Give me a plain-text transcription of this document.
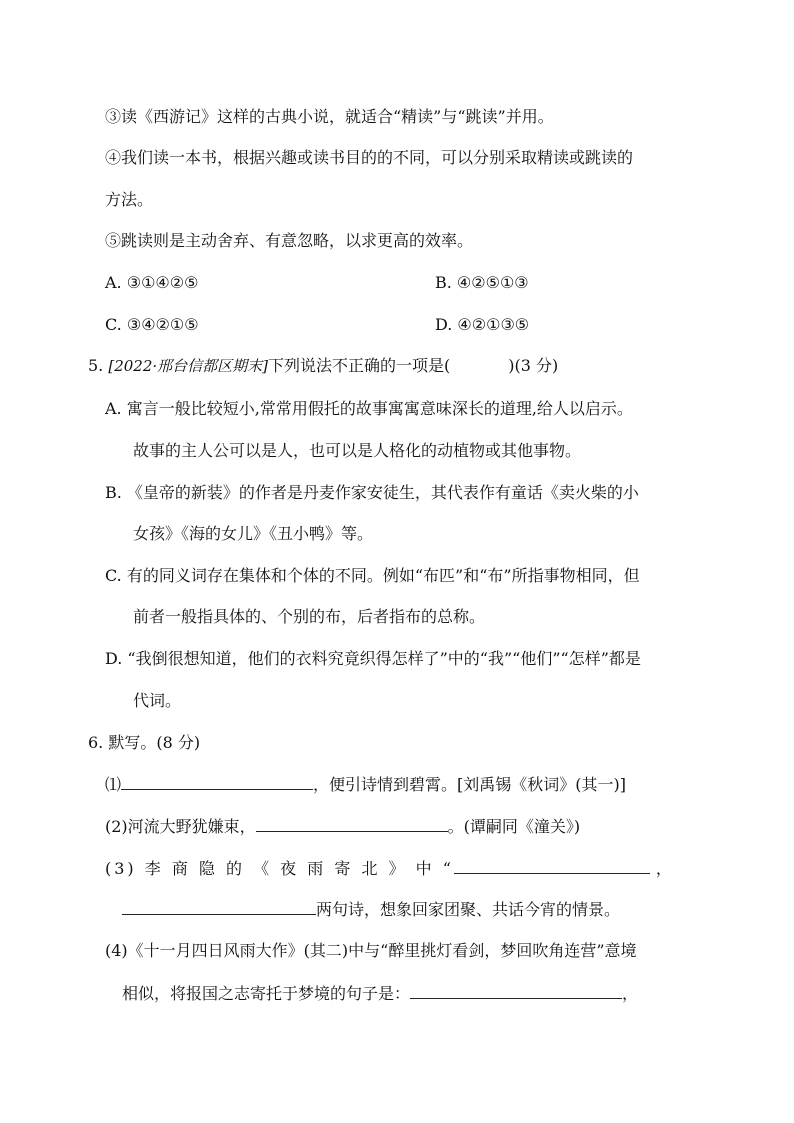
③读《西游记》这样的古典小说，就适合“精读”与“跳读”并用。
④我们读一本书，根据兴趣或读书目的的不同，可以分别采取精读或跳读的
方法。
⑤跳读则是主动舍弃、有意忽略，以求更高的效率。
A. ③①④②⑤	B. ④②⑤①③
C. ③④②①⑤	D. ④②①③⑤
5. [2022·邢台信都区期末]下列说法不正确的一项是(	)(3 分)
A. 寓言一般比较短小,常常用假托的故事寓寓意味深长的道理,给人以启示。
故事的主人公可以是人，也可以是人格化的动植物或其他事物。
B. 《皇帝的新装》的作者是丹麦作家安徒生，其代表作有童话《卖火柴的小
女孩》《海的女儿》《丑小鸭》等。
C. 有的同义词存在集体和个体的不同。例如“布匹”和“布”所指事物相同，但
前者一般指具体的、个别的布，后者指布的总称。
D. “我倒很想知道，他们的衣料究竟织得怎样了”中的“我”“他们”“怎样”都是
代词。
6. 默写。(8 分)
⑴	，便引诗情到碧霄。[刘禹锡《秋词》(其一)]
(2)河流大野犹嫌束，	。(谭嗣同《潼关》)
(3) 李 商 隐 的 《 夜 雨 寄 北 》 中 “	，
两句诗，想象回家团聚、共话今宵的情景。
(4)《十一月四日风雨大作》(其二)中与“醉里挑灯看剑，梦回吹角连营”意境
相似，将报国之志寄托于梦境的句子是：	，
